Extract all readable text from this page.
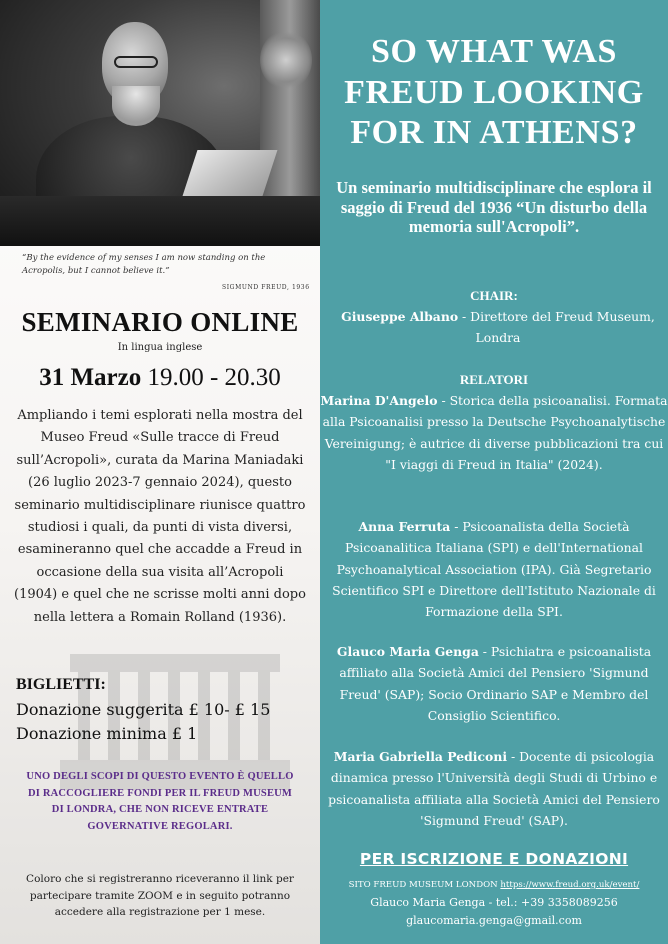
“By the evidence of my senses I am now standing on the Acropolis, but I cannot believe it.”
SIGMUND FREUD, 1936
SEMINARIO ONLINE
In lingua inglese
31 Marzo 19.00 - 20.30
Ampliando i temi esplorati nella mostra del Museo Freud «Sulle tracce di Freud sull’Acropoli», curata da Marina Maniadaki (26 luglio 2023-7 gennaio 2024), questo seminario multidisciplinare riunisce quattro studiosi i quali, da punti di vista diversi, esamineranno quel che accadde a Freud in occasione della sua visita all’Acropoli (1904) e quel che ne scrisse molti anni dopo nella lettera a Romain Rolland (1936).
BIGLIETTI:
Donazione suggerita £ 10- £ 15
Donazione minima £ 1
UNO DEGLI SCOPI DI QUESTO EVENTO È QUELLO DI RACCOGLIERE FONDI PER IL FREUD MUSEUM DI LONDRA, CHE NON RICEVE ENTRATE GOVERNATIVE REGOLARI.
Coloro che si registreranno riceveranno il link per partecipare tramite ZOOM e in seguito potranno accedere alla registrazione per 1 mese.
SO WHAT WAS FREUD LOOKING FOR IN ATHENS?
Un seminario multidisciplinare che esplora il saggio di Freud del 1936 “Un disturbo della memoria sull'Acropoli”.
CHAIR:
Giuseppe Albano - Direttore del Freud Museum, Londra
RELATORI
Marina D'Angelo - Storica della psicoanalisi. Formata alla Psicoanalisi presso la Deutsche Psychoanalytische Vereinigung; è autrice di diverse pubblicazioni tra cui "I viaggi di Freud in Italia" (2024).
Anna Ferruta - Psicoanalista della Società Psicoanalitica Italiana (SPI) e dell'International Psychoanalytical Association (IPA). Già Segretario Scientifico SPI e Direttore dell'Istituto Nazionale di Formazione della SPI.
Glauco Maria Genga - Psichiatra e psicoanalista affiliato alla Società Amici del Pensiero 'Sigmund Freud' (SAP); Socio Ordinario SAP e Membro del Consiglio Scientifico.
Maria Gabriella Pediconi - Docente di psicologia dinamica presso l'Università degli Studi di Urbino e psicoanalista affiliata alla Società Amici del Pensiero 'Sigmund Freud' (SAP).
PER ISCRIZIONE E DONAZIONI
SITO FREUD MUSEUM LONDON https://www.freud.org.uk/event/
Glauco Maria Genga - tel.: +39 3358089256
glaucomaria.genga@gmail.com
